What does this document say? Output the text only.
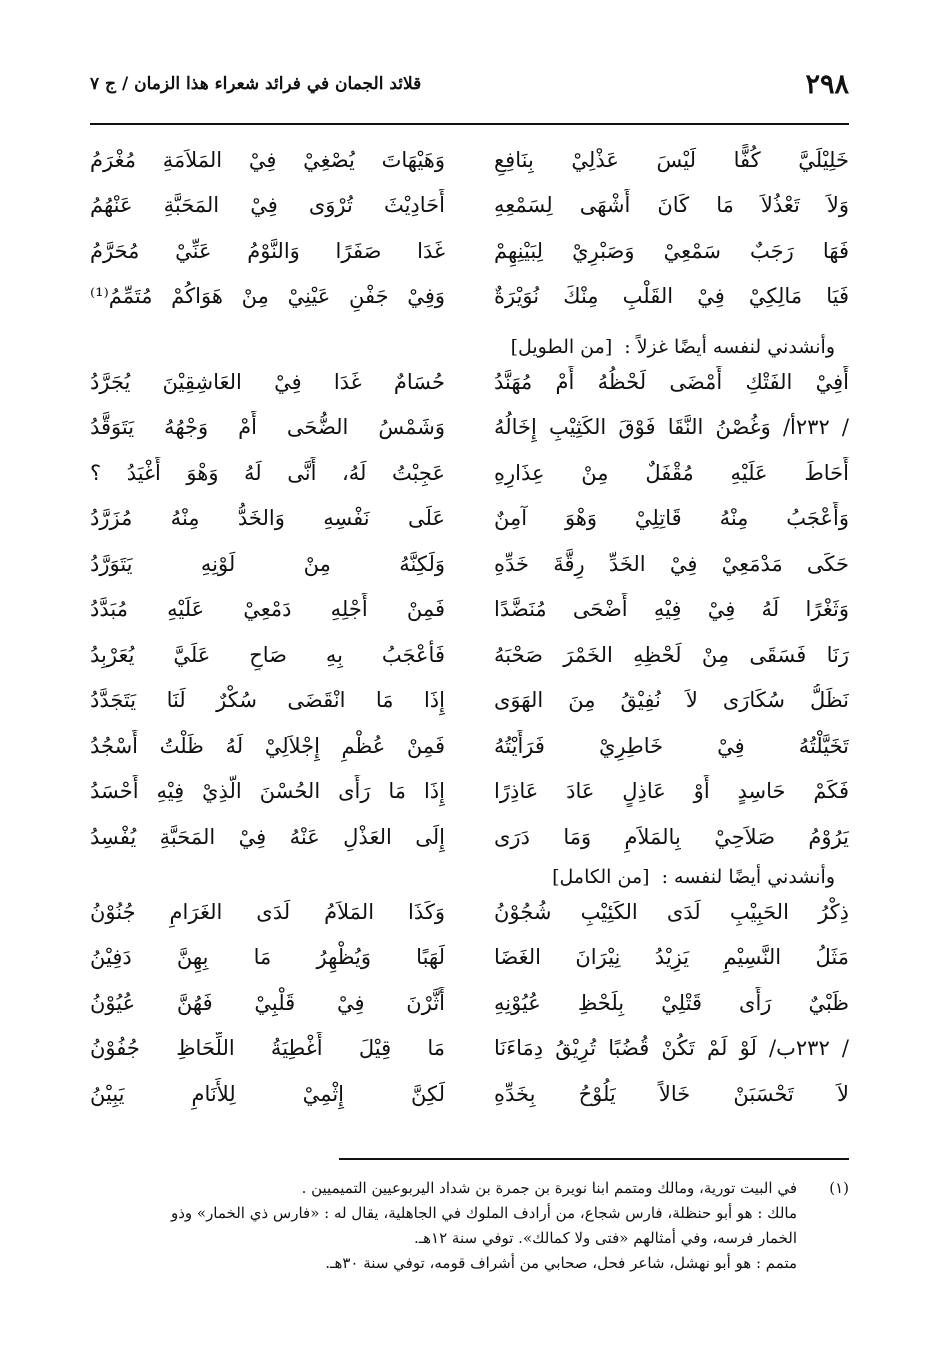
٢٩٨
قلائد الجمان في فرائد شعراء هذا الزمان / ج ٧
خَلِيْلَيَّ كُفًّا لَيْسَ عَذْلِيْ بِنَافِعِ
وَهَيْهَاتَ يُصْغِيْ فِيْ المَلاَمَةِ مُغْرَمُ
وَلاَ تَعْذُلاَ مَا كَانَ أَشْهَى لِسَمْعِهِ
أَحَادِيْثَ تُرْوَى فِيْ المَحَبَّةِ عَنْهُمُ
فَهَا رَجَبٌ سَمْعِيْ وَصَبْرِيْ لِبَيْنِهِمْ
غَدَا صَفَرًا وَالنَّوْمُ عَنِّيْ مُحَرَّمُ
فَيَا مَالِكِيْ فِيْ القَلْبِ مِنْكَ نُوَيْرَةٌ
وَفِيْ جَفْنِ عَيْنِيْ مِنْ هَوَاكُمْ مُتَمِّمُ⁽¹⁾
وأنشدني لنفسه أيضًا غزلاً : [من الطويل]
أَفِيْ الفَتْكِ أَمْضَى لَحْظُهُ أَمْ مُهَنَّدُ
حُسَامٌ غَدَا فِيْ العَاشِقِيْنَ يُجَرَّدُ
/ ٢٣٢أ/ وَغُصْنُ النَّقَا فَوْقَ الكَثِيْبِ إِخَالُهُ
وَشَمْسُ الضُّحَى أَمْ وَجْهُهُ يَتَوَقَّدُ
أَحَاطَ عَلَيْهِ مُقْفَلٌ مِنْ عِذَارِهِ
عَجِبْتُ لَهُ، أَنَّى لَهُ وَهْوَ أَغْيَدُ ؟
وَأَعْجَبُ مِنْهُ قَاتِلِيْ وَهْوَ آمِنٌ
عَلَى نَفْسِهِ وَالخَدُّ مِنْهُ مُزَرَّدُ
حَكَى مَدْمَعِيْ فِيْ الخَدِّ رِقَّةَ خَدِّهِ
وَلَكِنَّهُ مِنْ لَوْنِهِ يَتَوَرَّدُ
وَثَغْرًا لَهُ فِيْ فِيْهِ أَضْحَى مُنَضَّدًا
فَمِنْ أَجْلِهِ دَمْعِيْ عَلَيْهِ مُبَدَّدُ
رَنَا فَسَقَى مِنْ لَحْظِهِ الخَمْرَ صَحْبَهُ
فَأَعْجَبُ بِهِ صَاحٍ عَلَيَّ يُعَرْبِدُ
نَظَلُّ سُكَارَى لاَ نُفِيْقُ مِنَ الهَوَى
إِذَا مَا انْقَضَى سُكْرٌ لَنَا يَتَجَدَّدُ
تَخَيَّلْتُهُ فِيْ خَاطِرِيْ فَرَأَيْتُهُ
فَمِنْ عُظْمِ إِجْلاَلِيْ لَهُ ظَلْتُ أَسْجُدُ
فَكَمْ حَاسِدٍ أَوْ عَاذِلٍ عَادَ عَاذِرًا
إِذَا مَا رَأَى الحُسْنَ الَّذِيْ فِيْهِ أَحْسَدُ
يَرُوْمُ صَلاَحِيْ بِالمَلاَمِ وَمَا دَرَى
إِلَى العَذْلِ عَنْهُ فِيْ المَحَبَّةِ يُفْسِدُ
وأنشدني أيضًا لنفسه : [من الكامل]
ذِكْرُ الحَبِيْبِ لَدَى الكَئِيْبِ شُجُوْنُ
وَكَذَا المَلاَمُ لَدَى الغَرَامِ جُنُوْنُ
مَثَلُ النَّسِيْمِ يَزِيْدُ نِيْرَانَ الغَضَا
لَهَبًا وَيُظْهِرُ مَا بِهِنَّ دَفِيْنُ
ظَبْيٌ رَأَى قَتْلِيْ بِلَحْظِ عُيُوْنِهِ
أَثَّرْنَ فِيْ قَلْبِيْ فَهُنَّ عُيُوْنُ
/ ٢٣٢ب/ لَوْ لَمْ تَكُنْ قُضُبًا تُرِيْقُ دِمَاءَنَا
مَا قِيْلَ أَغْطِيَةُ اللِّحَاظِ جُفُوْنُ
لاَ تَحْسَبَنْ خَالاً يَلُوْحُ بِخَدِّهِ
لَكِنَّ إِثْمِيْ لِلأَنَامِ يَبِيْنُ
(١)في البيت تورية، ومالك ومتمم ابنا نويرة بن جمرة بن شداد اليربوعيين التميميين .
مالك : هو أبو حنظلة، فارس شجاع، من أرادف الملوك في الجاهلية، يقال له : «فارس ذي الخمار» وذو
الخمار فرسه، وفي أمثالهم «فتى ولا كمالك». توفي سنة ١٢هـ.
متمم : هو أبو نهشل، شاعر فحل، صحابي من أشراف قومه، توفي سنة ٣٠هـ.
